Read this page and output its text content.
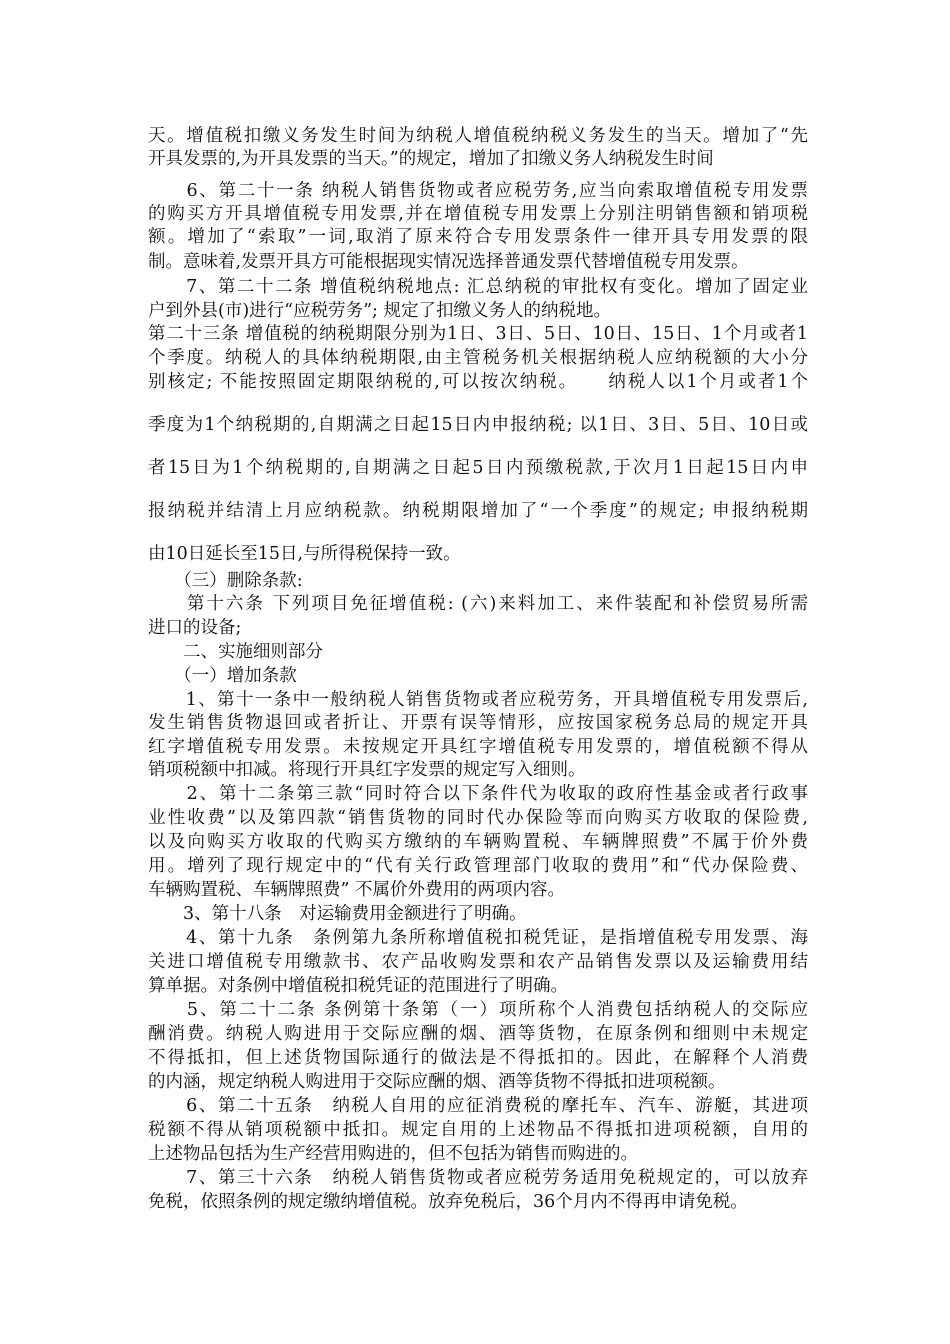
天。增值税扣缴义务发生时间为纳税人增值税纳税义务发生的当天。增加了“先

开具发票的,为开具发票的当天。”的规定，增加了扣缴义务人纳税发生时间

　　6、第二十一条 纳税人销售货物或者应税劳务,应当向索取增值税专用发票

的购买方开具增值税专用发票,并在增值税专用发票上分别注明销售额和销项税

额。增加了“索取”一词,取消了原来符合专用发票条件一律开具专用发票的限

制。意味着,发票开具方可能根据现实情况选择普通发票代替增值税专用发票。

　　7、第二十二条 增值税纳税地点: 汇总纳税的审批权有变化。增加了固定业

户到外县(市)进行“应税劳务”; 规定了扣缴义务人的纳税地。

第二十三条 增值税的纳税期限分别为1日、3日、5日、10日、15日、1个月或者1

个季度。纳税人的具体纳税期限,由主管税务机关根据纳税人应纳税额的大小分

别核定; 不能按照固定期限纳税的,可以按次纳税。　　纳税人以1个月或者1个

季度为1个纳税期的,自期满之日起15日内申报纳税; 以1日、3日、5日、10日或

者15日为1个纳税期的,自期满之日起5日内预缴税款,于次月1日起15日内申

报纳税并结清上月应纳税款。纳税期限增加了“一个季度”的规定; 申报纳税期

由10日延长至15日,与所得税保持一致。

　　（三）删除条款:

　　第十六条 下列项目免征增值税: (六)来料加工、来件装配和补偿贸易所需

进口的设备;

　　二、实施细则部分

　　（一）增加条款

　　1、第十一条中一般纳税人销售货物或者应税劳务，开具增值税专用发票后,

发生销售货物退回或者折让、开票有误等情形，应按国家税务总局的规定开具

红字增值税专用发票。未按规定开具红字增值税专用发票的，增值税额不得从

销项税额中扣减。将现行开具红字发票的规定写入细则。

　　2、第十二条第三款“同时符合以下条件代为收取的政府性基金或者行政事

业性收费”以及第四款“销售货物的同时代办保险等而向购买方收取的保险费,

以及向购买方收取的代购买方缴纳的车辆购置税、车辆牌照费”不属于价外费

用。增列了现行规定中的“代有关行政管理部门收取的费用”和“代办保险费、

车辆购置税、车辆牌照费” 不属价外费用的两项内容。

　　3、第十八条　对运输费用金额进行了明确。

　　4、第十九条　条例第九条所称增值税扣税凭证，是指增值税专用发票、海

关进口增值税专用缴款书、农产品收购发票和农产品销售发票以及运输费用结

算单据。对条例中增值税扣税凭证的范围进行了明确。

　　5、第二十二条 条例第十条第（一）项所称个人消费包括纳税人的交际应

酬消费。纳税人购进用于交际应酬的烟、酒等货物，在原条例和细则中未规定

不得抵扣，但上述货物国际通行的做法是不得抵扣的。因此，在解释个人消费

的内涵，规定纳税人购进用于交际应酬的烟、酒等货物不得抵扣进项税额。

　　6、第二十五条　纳税人自用的应征消费税的摩托车、汽车、游艇，其进项

税额不得从销项税额中抵扣。规定自用的上述物品不得抵扣进项税额，自用的

上述物品包括为生产经营用购进的，但不包括为销售而购进的。

　　7、第三十六条　纳税人销售货物或者应税劳务适用免税规定的，可以放弃

免税，依照条例的规定缴纳增值税。放弃免税后，36个月内不得再申请免税。
